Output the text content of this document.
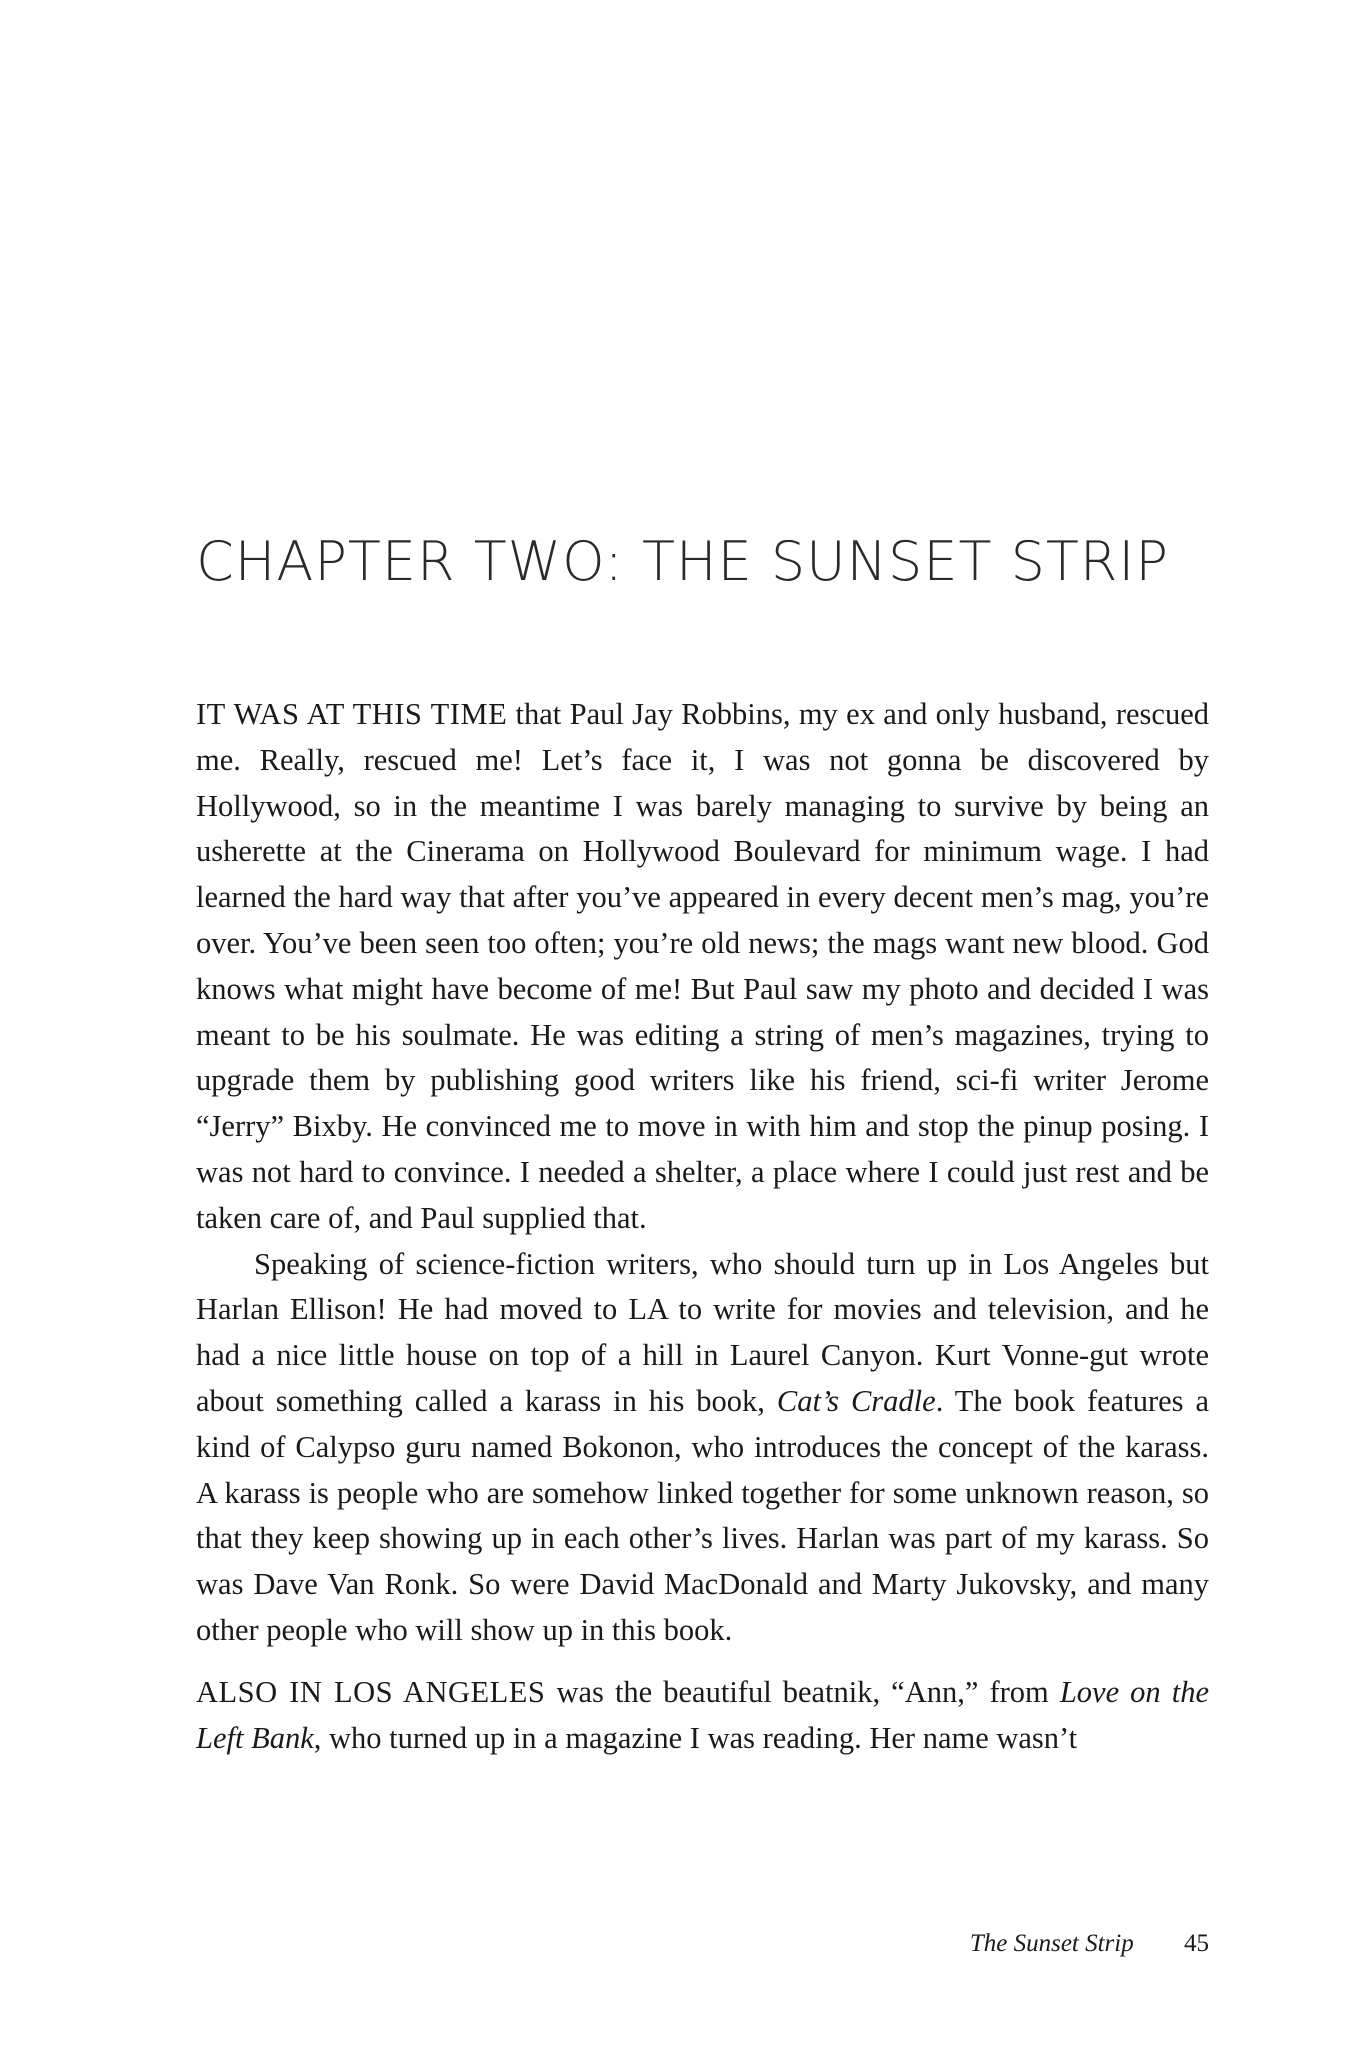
CHAPTER TWO: THE SUNSET STRIP

IT WAS AT THIS TIME that Paul Jay Robbins, my ex and only husband, rescued me. Really, rescued me! Let’s face it, I was not gonna be discovered by Hollywood, so in the meantime I was barely managing to survive by being an usherette at the Cinerama on Hollywood Boulevard for minimum wage. I had learned the hard way that after you’ve appeared in every decent men’s mag, you’re over. You’ve been seen too often; you’re old news; the mags want new blood. God knows what might have become of me! But Paul saw my photo and decided I was meant to be his soulmate. He was editing a string of men’s magazines, trying to upgrade them by publishing good writers like his friend, sci-fi writer Jerome “Jerry” Bixby. He convinced me to move in with him and stop the pinup posing. I was not hard to convince. I needed a shelter, a place where I could just rest and be taken care of, and Paul supplied that.

Speaking of science-fiction writers, who should turn up in Los Angeles but Harlan Ellison! He had moved to LA to write for movies and television, and he had a nice little house on top of a hill in Laurel Canyon. Kurt Vonne-gut wrote about something called a karass in his book, Cat’s Cradle. The book features a kind of Calypso guru named Bokonon, who introduces the concept of the karass. A karass is people who are somehow linked together for some unknown reason, so that they keep showing up in each other’s lives. Harlan was part of my karass. So was Dave Van Ronk. So were David MacDonald and Marty Jukovsky, and many other people who will show up in this book.

ALSO IN LOS ANGELES was the beautiful beatnik, “Ann,” from Love on the Left Bank, who turned up in a magazine I was reading. Her name wasn’t

The Sunset Strip 45
